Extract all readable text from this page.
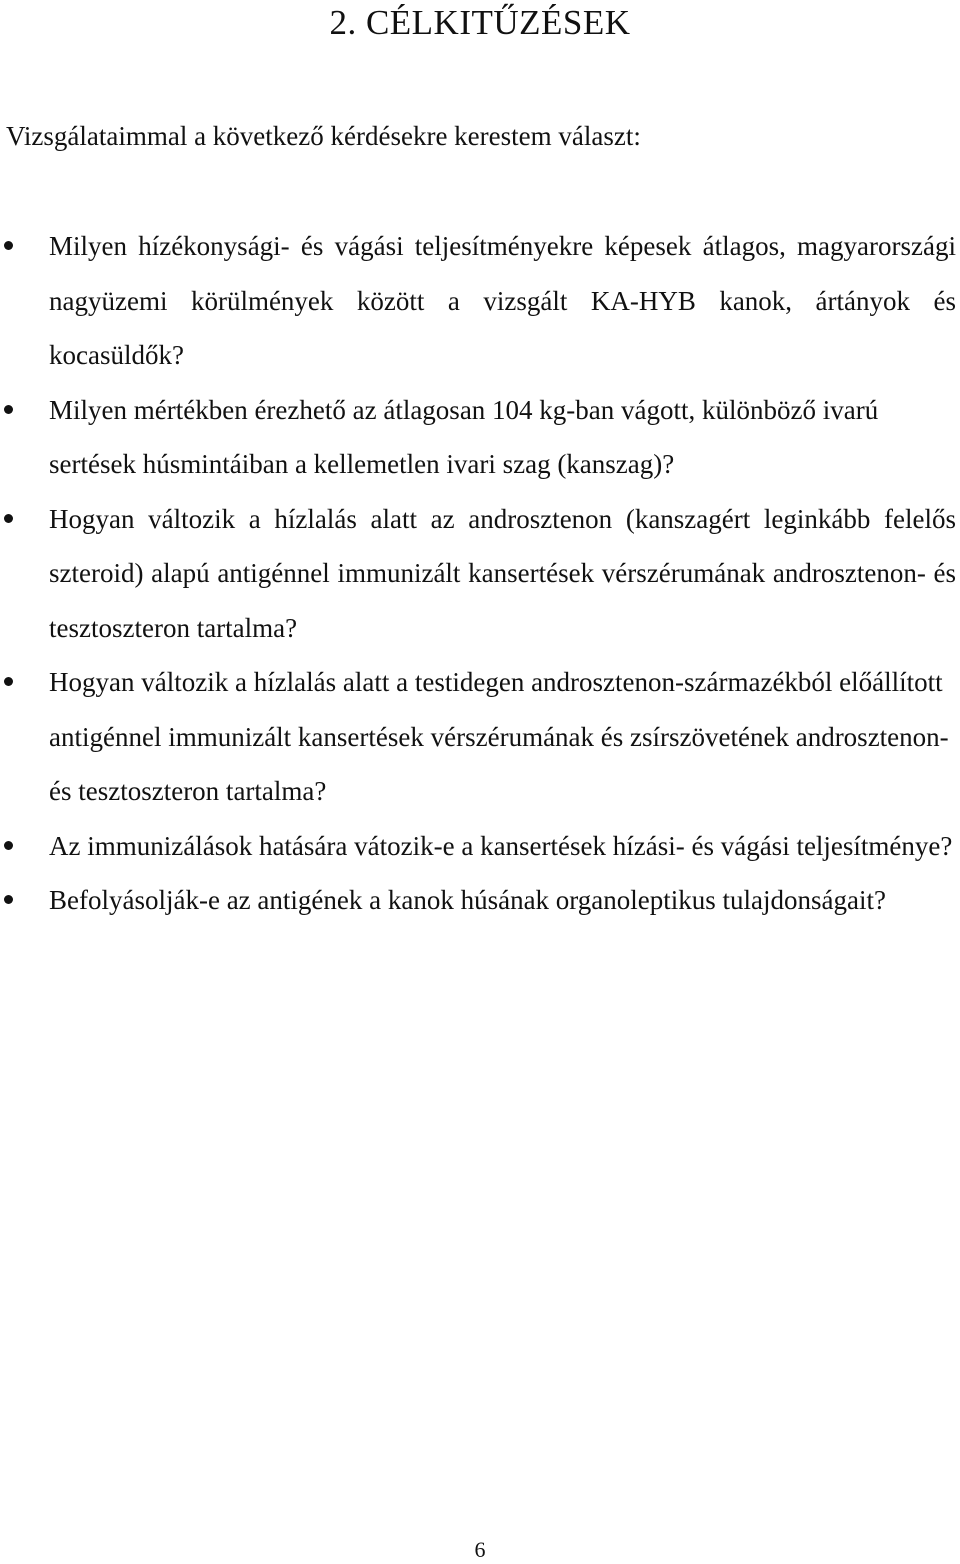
2. CÉLKITŰZÉSEK

Vizsgálataimmal a következő kérdésekre kerestem választ:

Milyen hízékonysági- és vágási teljesítményekre képesek átlagos, magyarországi nagyüzemi körülmények között a vizsgált KA-HYB kanok, ártányok és kocasüldők?
Milyen mértékben érezhető az átlagosan 104 kg-ban vágott, különböző ivarú sertések húsmintáiban a kellemetlen ivari szag (kanszag)?
Hogyan változik a hízlalás alatt az androsztenon (kanszagért leginkább felelős szteroid) alapú antigénnel immunizált kansertések vérszérumának androsztenon- és tesztoszteron tartalma?
Hogyan változik a hízlalás alatt a testidegen androsztenon-származékból előállított antigénnel immunizált kansertések vérszérumának és zsírszövetének androsztenon- és tesztoszteron tartalma?
Az immunizálások hatására vátozik-e a kansertések hízási- és vágási teljesítménye?
Befolyásolják-e az antigének a kanok húsának organoleptikus tulajdonságait?

6
